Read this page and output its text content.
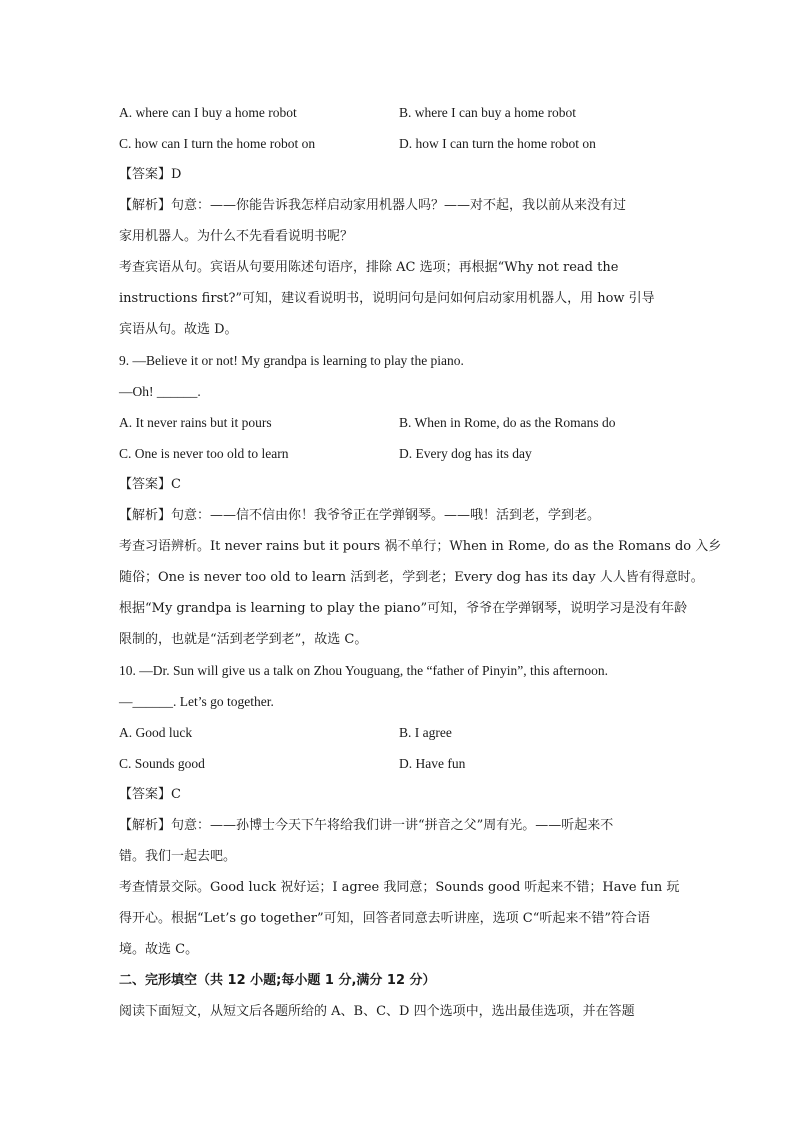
A. where can I buy a home robot	B. where I can buy a home robot
C. how can I turn the home robot on	D. how I can turn the home robot on
【答案】D
【解析】句意：——你能告诉我怎样启动家用机器人吗？——对不起，我以前从来没有过
家用机器人。为什么不先看看说明书呢？
考查宾语从句。宾语从句要用陈述句语序，排除 AC 选项；再根据“Why not read the
instructions first?”可知，建议看说明书，说明问句是问如何启动家用机器人，用 how 引导
宾语从句。故选 D。
9. —Believe it or not! My grandpa is learning to play the piano.
—Oh! ______.
A. It never rains but it pours	B. When in Rome, do as the Romans do
C. One is never too old to learn	D. Every dog has its day
【答案】C
【解析】句意：——信不信由你！我爷爷正在学弹钢琴。——哦！活到老，学到老。
考查习语辨析。It never rains but it pours 祸不单行；When in Rome, do as the Romans do 入乡
随俗；One is never too old to learn 活到老，学到老；Every dog has its day 人人皆有得意时。
根据“My grandpa is learning to play the piano”可知，爷爷在学弹钢琴，说明学习是没有年龄
限制的，也就是“活到老学到老”，故选 C。
10. —Dr. Sun will give us a talk on Zhou Youguang, the “father of Pinyin”, this afternoon.
—______. Let’s go together.
A. Good luck	B. I agree
C. Sounds good	D. Have fun
【答案】C
【解析】句意：——孙博士今天下午将给我们讲一讲“拼音之父”周有光。——听起来不
错。我们一起去吧。
考查情景交际。Good luck 祝好运；I agree 我同意；Sounds good 听起来不错；Have fun 玩
得开心。根据“Let’s go together”可知，回答者同意去听讲座，选项 C“听起来不错”符合语
境。故选 C。
二、完形填空（共 12 小题;每小题 1 分,满分 12 分）
阅读下面短文，从短文后各题所给的 A、B、C、D 四个选项中，选出最佳选项，并在答题
